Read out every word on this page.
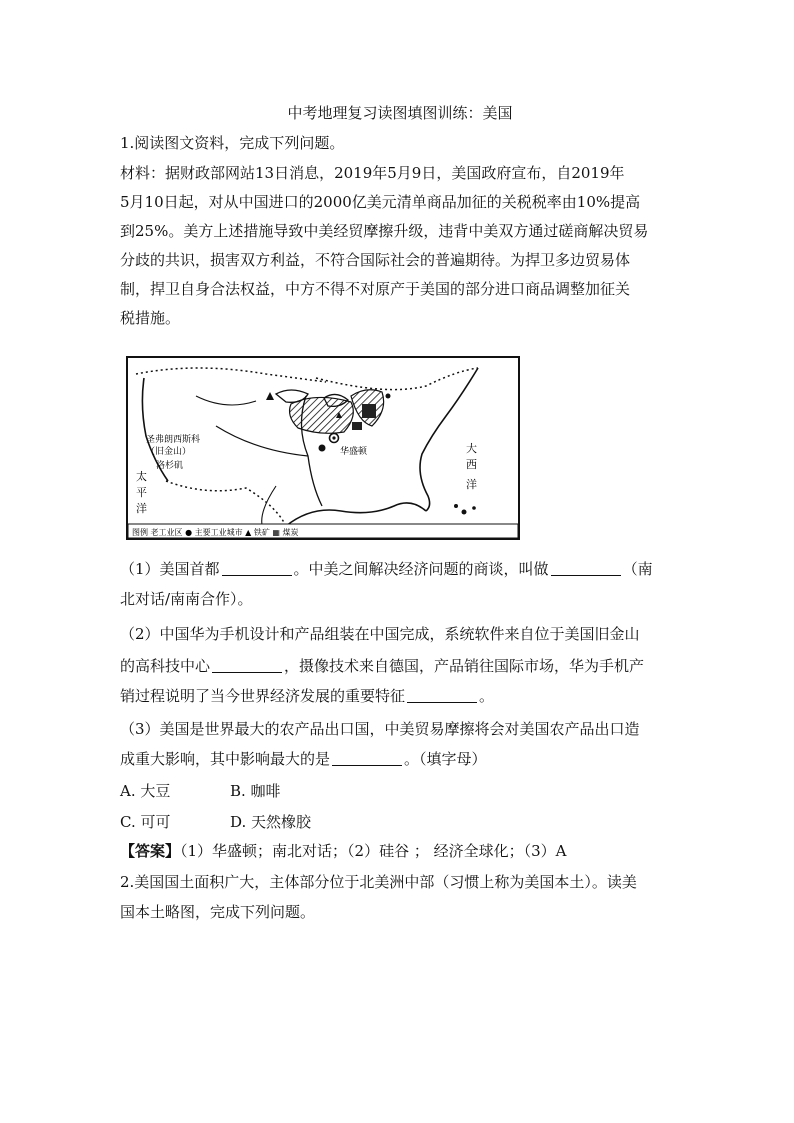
中考地理复习读图填图训练：美国

1.阅读图文资料，完成下列问题。

材料：据财政部网站13日消息，2019年5月9日，美国政府宣布，自2019年

5月10日起，对从中国进口的2000亿美元清单商品加征的关税税率由10%提高

到25%。美方上述措施导致中美经贸摩擦升级，违背中美双方通过磋商解决贸易

分歧的共识，损害双方利益，不符合国际社会的普遍期待。为捍卫多边贸易体

制，捍卫自身合法权益，中方不得不对原产于美国的部分进口商品调整加征关

税措施。

圣弗朗西斯科
（旧金山）
洛杉矶
华盛顿
太
平
洋
大
西
洋
图例 老工业区 ● 主要工业城市 ▲ 铁矿 ▦ 煤炭

（1）美国首都	。中美之间解决经济问题的商谈，叫做	（南

北对话/南南合作）。

（2）中国华为手机设计和产品组装在中国完成，系统软件来自位于美国旧金山

的高科技中心	，摄像技术来自德国，产品销往国际市场，华为手机产

销过程说明了当今世界经济发展的重要特征	。

（3）美国是世界最大的农产品出口国，中美贸易摩擦将会对美国农产品出口造

成重大影响，其中影响最大的是	。（填字母）

A. 大豆	B. 咖啡
C. 可可	D. 天然橡胶

【答案】（1）华盛顿；南北对话；（2）硅谷 ； 经济全球化；（3）A

2.美国国土面积广大，主体部分位于北美洲中部（习惯上称为美国本土）。读美

国本土略图，完成下列问题。
